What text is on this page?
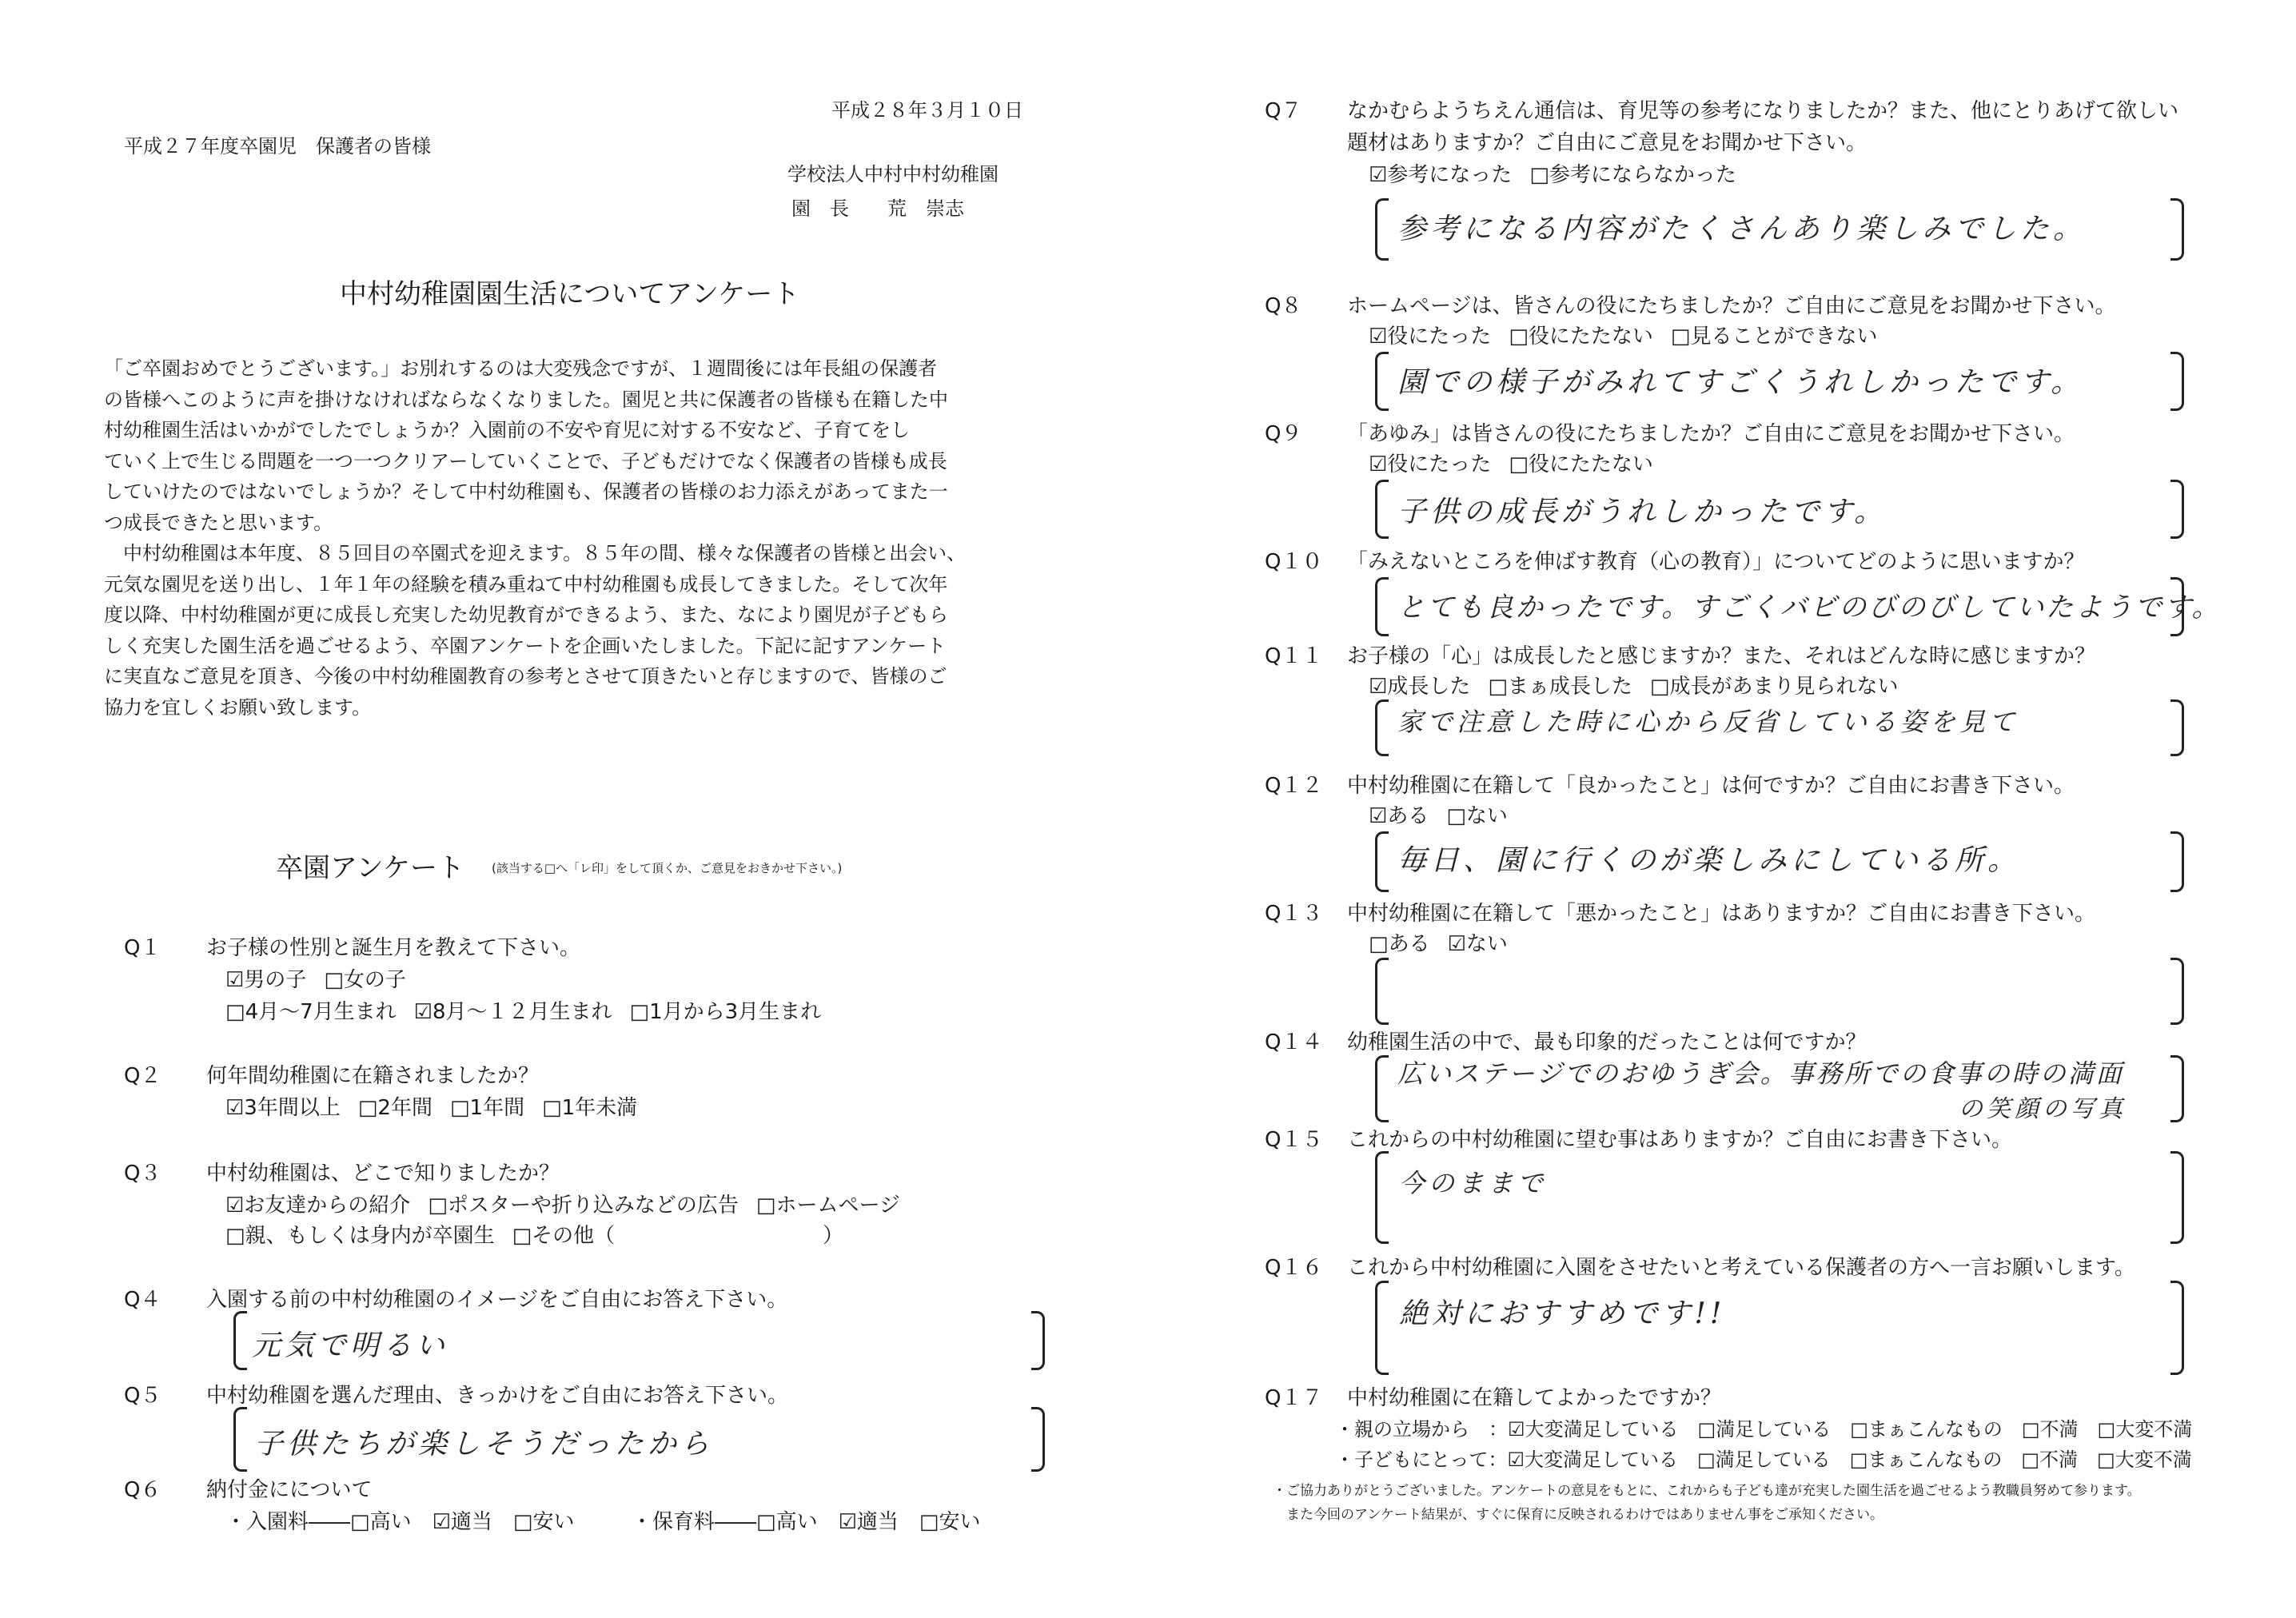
平成２８年３月１０日
平成２７年度卒園児　保護者の皆様
学校法人中村中村幼稚園
園　長　　荒　崇志
中村幼稚園園生活についてアンケート
「ご卒園おめでとうございます。」お別れするのは大変残念ですが、１週間後には年長組の保護者
の皆様へこのように声を掛けなければならなくなりました。園児と共に保護者の皆様も在籍した中
村幼稚園生活はいかがでしたでしょうか？入園前の不安や育児に対する不安など、子育てをし
ていく上で生じる問題を一つ一つクリアーしていくことで、子どもだけでなく保護者の皆様も成長
していけたのではないでしょうか？そして中村幼稚園も、保護者の皆様のお力添えがあってまた一
つ成長できたと思います。
　中村幼稚園は本年度、８５回目の卒園式を迎えます。８５年の間、様々な保護者の皆様と出会い、
元気な園児を送り出し、１年１年の経験を積み重ねて中村幼稚園も成長してきました。そして次年
度以降、中村幼稚園が更に成長し充実した幼児教育ができるよう、また、なにより園児が子どもら
しく充実した園生活を過ごせるよう、卒園アンケートを企画いたしました。下記に記すアンケート
に実直なご意見を頂き、今後の中村幼稚園教育の参考とさせて頂きたいと存じますので、皆様のご
協力を宜しくお願い致します。
卒園アンケート (該当する□へ「レ印」をして頂くか、ご意見をおきかせ下さい。)
Q１ お子様の性別と誕生月を教えて下さい。
☑男の子 □女の子
□4月～7月生まれ ☑8月～１２月生まれ □1月から3月生まれ
Q２ 何年間幼稚園に在籍されましたか？
☑3年間以上 □2年間 □1年間 □1年未満
Q３ 中村幼稚園は、どこで知りましたか？
☑お友達からの紹介 □ポスターや折り込みなどの広告 □ホームページ
□親、もしくは身内が卒園生 □その他（　　　　　　　　　　）
Q４ 入園する前の中村幼稚園のイメージをご自由にお答え下さい。
元気で明るい
Q５ 中村幼稚園を選んだ理由、きっかけをご自由にお答え下さい。
子供たちが楽しそうだったから
Q６ 納付金にについて
・入園料――□高い　☑適当　□安い	・保育料――□高い　☑適当　□安い
Q７ なかむらようちえん通信は、育児等の参考になりましたか？また、他にとりあげて欲しい
題材はありますか？ご自由にご意見をお聞かせ下さい。
☑参考になった □参考にならなかった
参考になる内容がたくさんあり楽しみでした。
Q８ ホームページは、皆さんの役にたちましたか？ご自由にご意見をお聞かせ下さい。
☑役にたった □役にたたない □見ることができない
園での様子がみれてすごくうれしかったです。
Q９ 「あゆみ」は皆さんの役にたちましたか？ご自由にご意見をお聞かせ下さい。
☑役にたった □役にたたない
子供の成長がうれしかったです。
Q１０ 「みえないところを伸ばす教育（心の教育）」についてどのように思いますか？
とても良かったです。すごくバビのびのびしていたようです。
Q１１ お子様の「心」は成長したと感じますか？また、それはどんな時に感じますか？
☑成長した □まぁ成長した □成長があまり見られない
家で注意した時に心から反省している姿を見て
Q１２ 中村幼稚園に在籍して「良かったこと」は何ですか？ご自由にお書き下さい。
☑ある □ない
毎日、園に行くのが楽しみにしている所。
Q１３ 中村幼稚園に在籍して「悪かったこと」はありますか？ご自由にお書き下さい。
□ある ☑ない
Q１４ 幼稚園生活の中で、最も印象的だったことは何ですか？
広いステージでのおゆうぎ会。事務所での食事の時の満面
の笑顔の写真
Q１５ これからの中村幼稚園に望む事はありますか？ご自由にお書き下さい。
今のままで
Q１６ これから中村幼稚園に入園をさせたいと考えている保護者の方へ一言お願いします。
絶対におすすめです!!
Q１７ 中村幼稚園に在籍してよかったですか？
・親の立場から　：☑大変満足している　□満足している　□まぁこんなもの　□不満　□大変不満
・子どもにとって：☑大変満足している　□満足している　□まぁこんなもの　□不満　□大変不満
・ご協力ありがとうございました。アンケートの意見をもとに、これからも子ども達が充実した園生活を過ごせるよう教職員努めて参ります。
　また今回のアンケート結果が、すぐに保育に反映されるわけではありません事をご承知ください。
